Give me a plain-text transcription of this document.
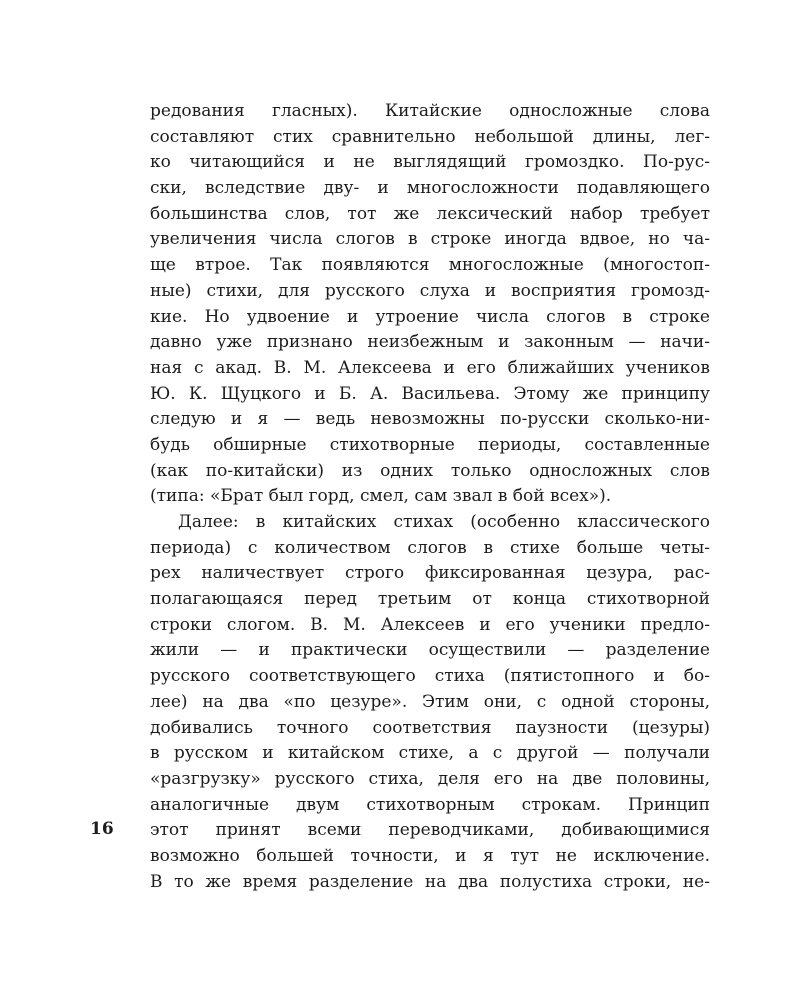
редования гласных). Китайские односложные слова
составляют стих сравнительно небольшой длины, лег-
ко читающийся и не выглядящий громоздко. По-рус-
ски, вследствие дву- и многосложности подавляющего
большинства слов, тот же лексический набор требует
увеличения числа слогов в строке иногда вдвое, но ча-
ще втрое. Так появляются многосложные (многостоп-
ные) стихи, для русского слуха и восприятия громозд-
кие. Но удвоение и утроение числа слогов в строке
давно уже признано неизбежным и законным — начи-
ная с акад. В. М. Алексеева и его ближайших учеников
Ю. К. Щуцкого и Б. А. Васильева. Этому же принципу
следую и я — ведь невозможны по-русски сколько-ни-
будь обширные стихотворные периоды, составленные
(как по-китайски) из одних только односложных слов
(типа: «Брат был горд, смел, сам звал в бой всех»).
Далее: в китайских стихах (особенно классического
периода) с количеством слогов в стихе больше четы-
рех наличествует строго фиксированная цезура, рас-
полагающаяся перед третьим от конца стихотворной
строки слогом. В. М. Алексеев и его ученики предло-
жили — и практически осуществили — разделение
русского соответствующего стиха (пятистопного и бо-
лее) на два «по цезуре». Этим они, с одной стороны,
добивались точного соответствия паузности (цезуры)
в русском и китайском стихе, а с другой — получали
«разгрузку» русского стиха, деля его на две половины,
аналогичные двум стихотворным строкам. Принцип
этот принят всеми переводчиками, добивающимися
возможно большей точности, и я тут не исключение.
В то же время разделение на два полустиха строки, не-
16
